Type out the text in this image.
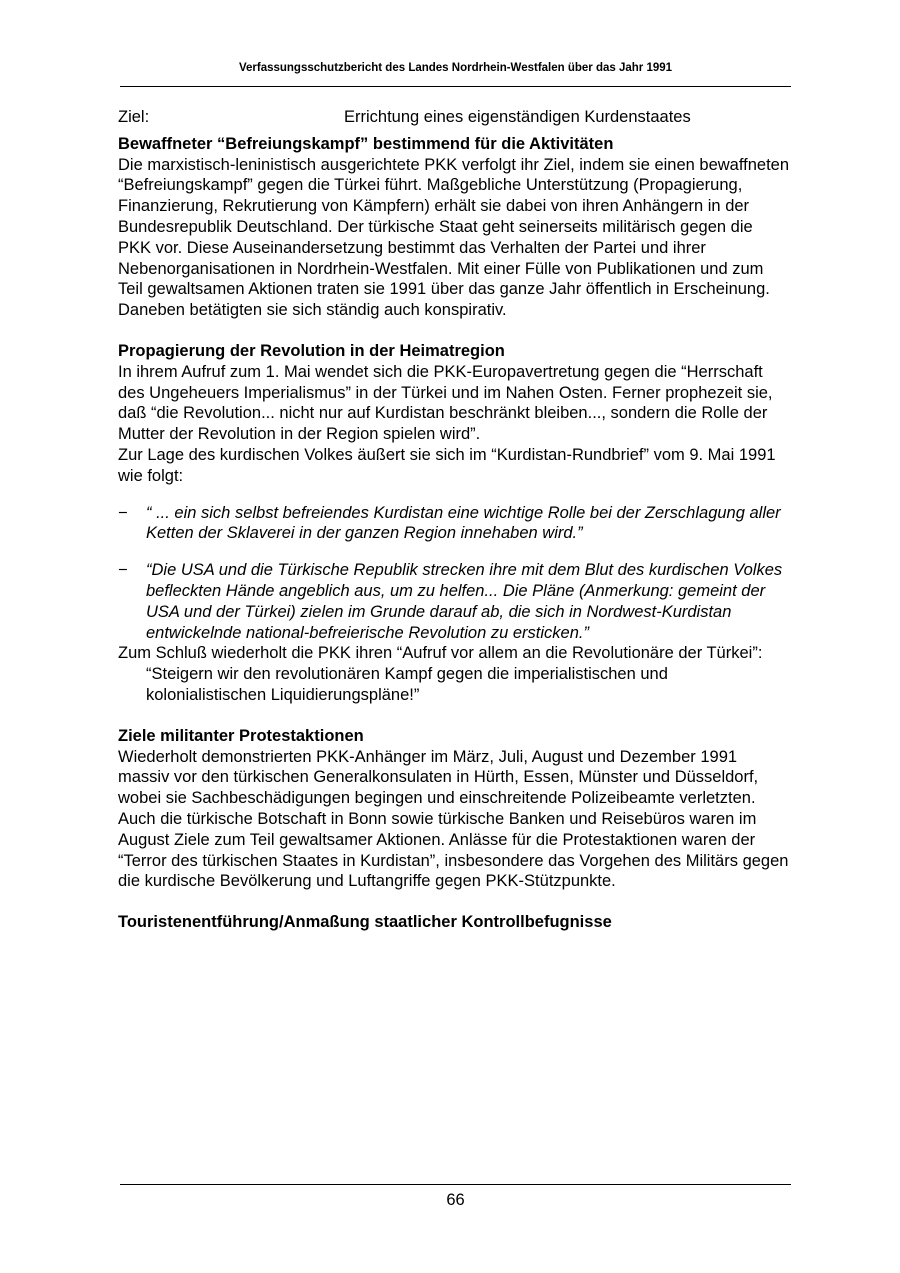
Verfassungsschutzbericht des Landes Nordrhein-Westfalen über das Jahr 1991
Ziel:	Errichtung eines eigenständigen Kurdenstaates
Bewaffneter “Befreiungskampf” bestimmend für die Aktivitäten

Die marxistisch-leninistisch ausgerichtete PKK verfolgt ihr Ziel, indem sie einen bewaffneten “Befreiungskampf” gegen die Türkei führt. Maßgebliche Unterstützung (Propagierung, Finanzierung, Rekrutierung von Kämpfern) erhält sie dabei von ihren Anhängern in der Bundesrepublik Deutschland. Der türkische Staat geht seinerseits militärisch gegen die PKK vor. Diese Auseinandersetzung bestimmt das Verhalten der Partei und ihrer Nebenorganisationen in Nordrhein-Westfalen. Mit einer Fülle von Publikationen und zum Teil gewaltsamen Aktionen traten sie 1991 über das ganze Jahr öffentlich in Erscheinung. Daneben betätigten sie sich ständig auch konspirativ.

Propagierung der Revolution in der Heimatregion

In ihrem Aufruf zum 1. Mai wendet sich die PKK-Europavertretung gegen die “Herrschaft des Ungeheuers Imperialismus” in der Türkei und im Nahen Osten. Ferner prophezeit sie, daß “die Revolution... nicht nur auf Kurdistan beschränkt bleiben..., sondern die Rolle der Mutter der Revolution in der Region spielen wird”.

Zur Lage des kurdischen Volkes äußert sie sich im “Kurdistan-Rundbrief” vom 9. Mai 1991 wie folgt:

− “ ... ein sich selbst befreiendes Kurdistan eine wichtige Rolle bei der Zerschlagung aller Ketten der Sklaverei in der ganzen Region innehaben wird.”
− “Die USA und die Türkische Republik strecken ihre mit dem Blut des kurdischen Volkes befleckten Hände angeblich aus, um zu helfen... Die Pläne (Anmerkung: gemeint der USA und der Türkei) zielen im Grunde darauf ab, die sich in Nordwest-Kurdistan entwickelnde national-befreierische Revolution zu ersticken.”

Zum Schluß wiederholt die PKK ihren “Aufruf vor allem an die Revolutionäre der Türkei”:

“Steigern wir den revolutionären Kampf gegen die imperialistischen und kolonialistischen Liquidierungspläne!”

Ziele militanter Protestaktionen

Wiederholt demonstrierten PKK-Anhänger im März, Juli, August und Dezember 1991 massiv vor den türkischen Generalkonsulaten in Hürth, Essen, Münster und Düsseldorf, wobei sie Sachbeschädigungen begingen und einschreitende Polizeibeamte verletzten. Auch die türkische Botschaft in Bonn sowie türkische Banken und Reisebüros waren im August Ziele zum Teil gewaltsamer Aktionen. Anlässe für die Protestaktionen waren der “Terror des türkischen Staates in Kurdistan”, insbesondere das Vorgehen des Militärs gegen die kurdische Bevölkerung und Luftangriffe gegen PKK-Stützpunkte.

Touristenentführung/Anmaßung staatlicher Kontrollbefugnisse
66
